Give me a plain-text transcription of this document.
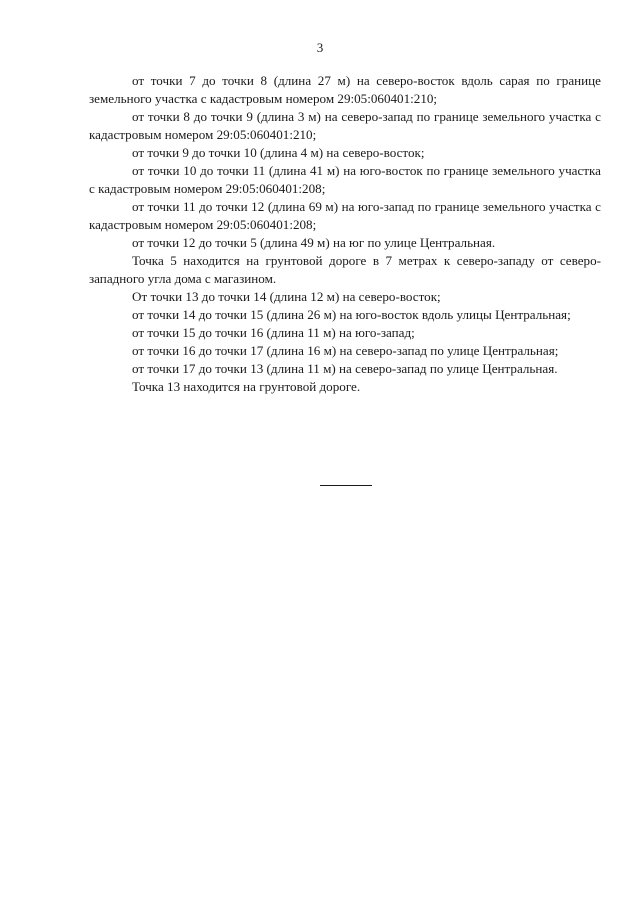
3

от точки 7 до точки 8 (длина 27 м) на северо-восток вдоль сарая по границе земельного участка с кадастровым номером 29:05:060401:210;

от точки 8 до точки 9 (длина 3 м) на северо-запад по границе земельного участка с кадастровым номером 29:05:060401:210;

от точки 9 до точки 10 (длина 4 м) на северо-восток;

от точки 10 до точки 11 (длина 41 м) на юго-восток по границе земельного участка с кадастровым номером 29:05:060401:208;

от точки 11 до точки 12 (длина 69 м) на юго-запад по границе земельного участка с кадастровым номером 29:05:060401:208;

от точки 12 до точки 5 (длина 49 м) на юг по улице Центральная.

Точка 5 находится на грунтовой дороге в 7 метрах к северо-западу от северо-западного угла дома с магазином.

От точки 13 до точки 14 (длина 12 м) на северо-восток;

от точки 14 до точки 15 (длина 26 м) на юго-восток вдоль улицы Центральная;

от точки 15 до точки 16 (длина 11 м) на юго-запад;

от точки 16 до точки 17 (длина 16 м) на северо-запад по улице Центральная;

от точки 17 до точки 13 (длина 11 м) на северо-запад по улице Центральная.

Точка 13 находится на грунтовой дороге.
